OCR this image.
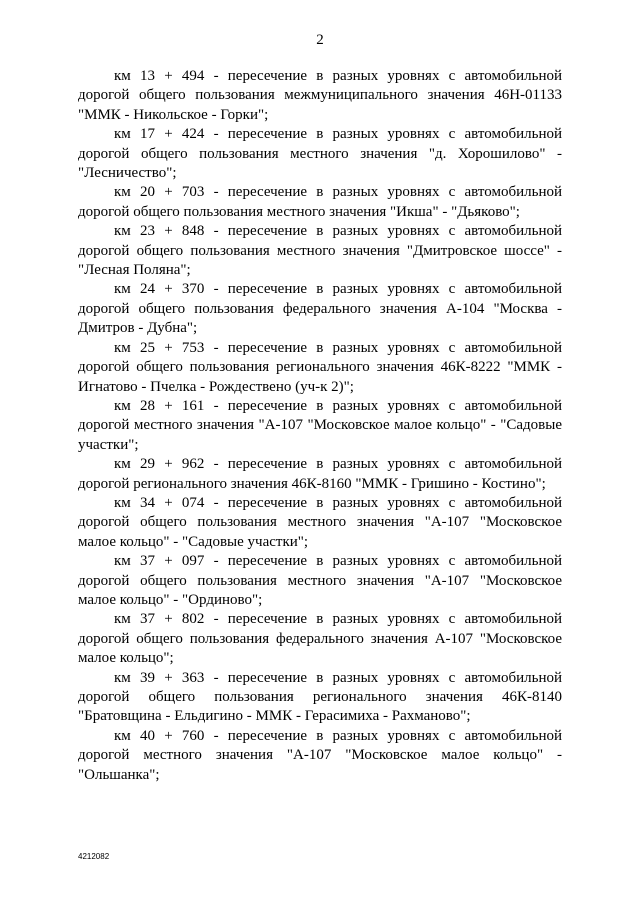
2

км 13 + 494 - пересечение в разных уровнях с автомобильной дорогой общего пользования межмуниципального значения 46Н-01133 "ММК - Никольское - Горки";

км 17 + 424 - пересечение в разных уровнях с автомобильной дорогой общего пользования местного значения "д. Хорошилово" - "Лесничество";

км 20 + 703 - пересечение в разных уровнях с автомобильной дорогой общего пользования местного значения "Икша" - "Дьяково";

км 23 + 848 - пересечение в разных уровнях с автомобильной дорогой общего пользования местного значения "Дмитровское шоссе" - "Лесная Поляна";

км 24 + 370 - пересечение в разных уровнях с автомобильной дорогой общего пользования федерального значения А-104 "Москва - Дмитров - Дубна";

км 25 + 753 - пересечение в разных уровнях с автомобильной дорогой общего пользования регионального значения 46К-8222 "ММК - Игнатово - Пчелка - Рождествено (уч-к 2)";

км 28 + 161 - пересечение в разных уровнях с автомобильной дорогой местного значения "А-107 "Московское малое кольцо" - "Садовые участки";

км 29 + 962 - пересечение в разных уровнях с автомобильной дорогой регионального значения 46К-8160 "ММК - Гришино - Костино";

км 34 + 074 - пересечение в разных уровнях с автомобильной дорогой общего пользования местного значения "А-107 "Московское малое кольцо" - "Садовые участки";

км 37 + 097 - пересечение в разных уровнях с автомобильной дорогой общего пользования местного значения "А-107 "Московское малое кольцо" - "Ординово";

км 37 + 802 - пересечение в разных уровнях с автомобильной дорогой общего пользования федерального значения А-107 "Московское малое кольцо";

км 39 + 363 - пересечение в разных уровнях с автомобильной дорогой общего пользования регионального значения 46К-8140 "Братовщина - Ельдигино - ММК - Герасимиха - Рахманово";

км 40 + 760 - пересечение в разных уровнях с автомобильной дорогой местного значения "А-107 "Московское малое кольцо" - "Ольшанка";

4212082
